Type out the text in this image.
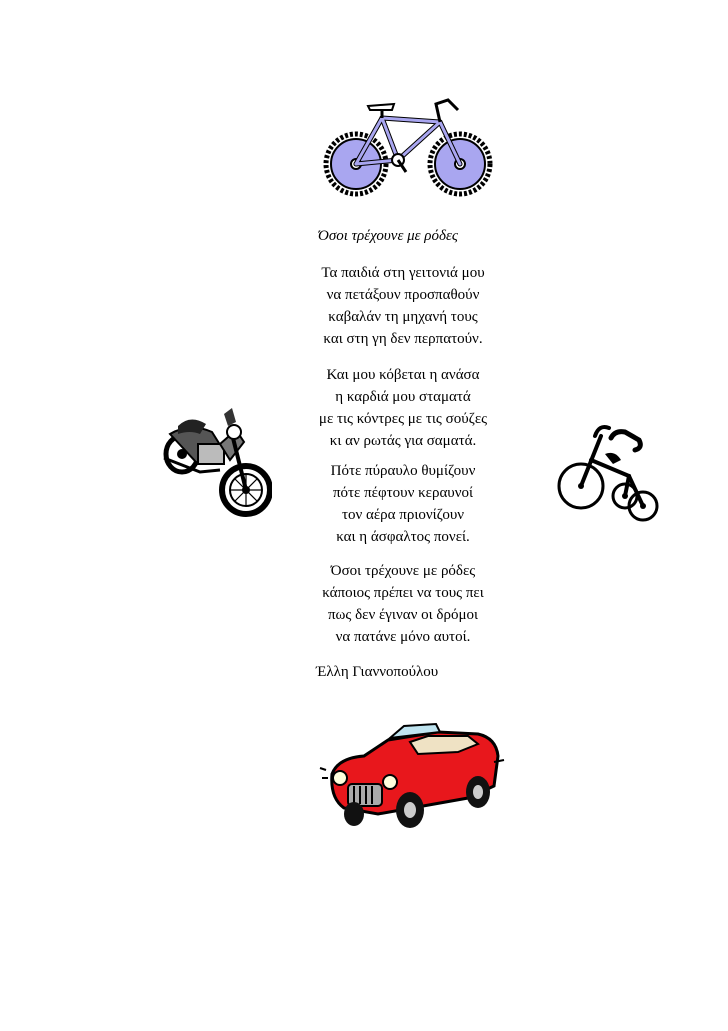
Όσοι τρέχουνε με ρόδες
Τα παιδιά στη γειτονιά μου
να πετάξουν προσπαθούν
καβαλάν τη μηχανή τους
και στη γη δεν περπατούν.
Και μου κόβεται η ανάσα
η καρδιά μου σταματά
με τις κόντρες με τις σούζες
κι αν ρωτάς για σαματά.
Πότε πύραυλο θυμίζουν
πότε πέφτουν κεραυνοί
τον αέρα πριονίζουν
και η άσφαλτος πονεί.
Όσοι τρέχουνε με ρόδες
κάποιος πρέπει να τους πει
πως δεν έγιναν οι δρόμοι
να πατάνε μόνο αυτοί.
Έλλη Γιαννοπούλου
